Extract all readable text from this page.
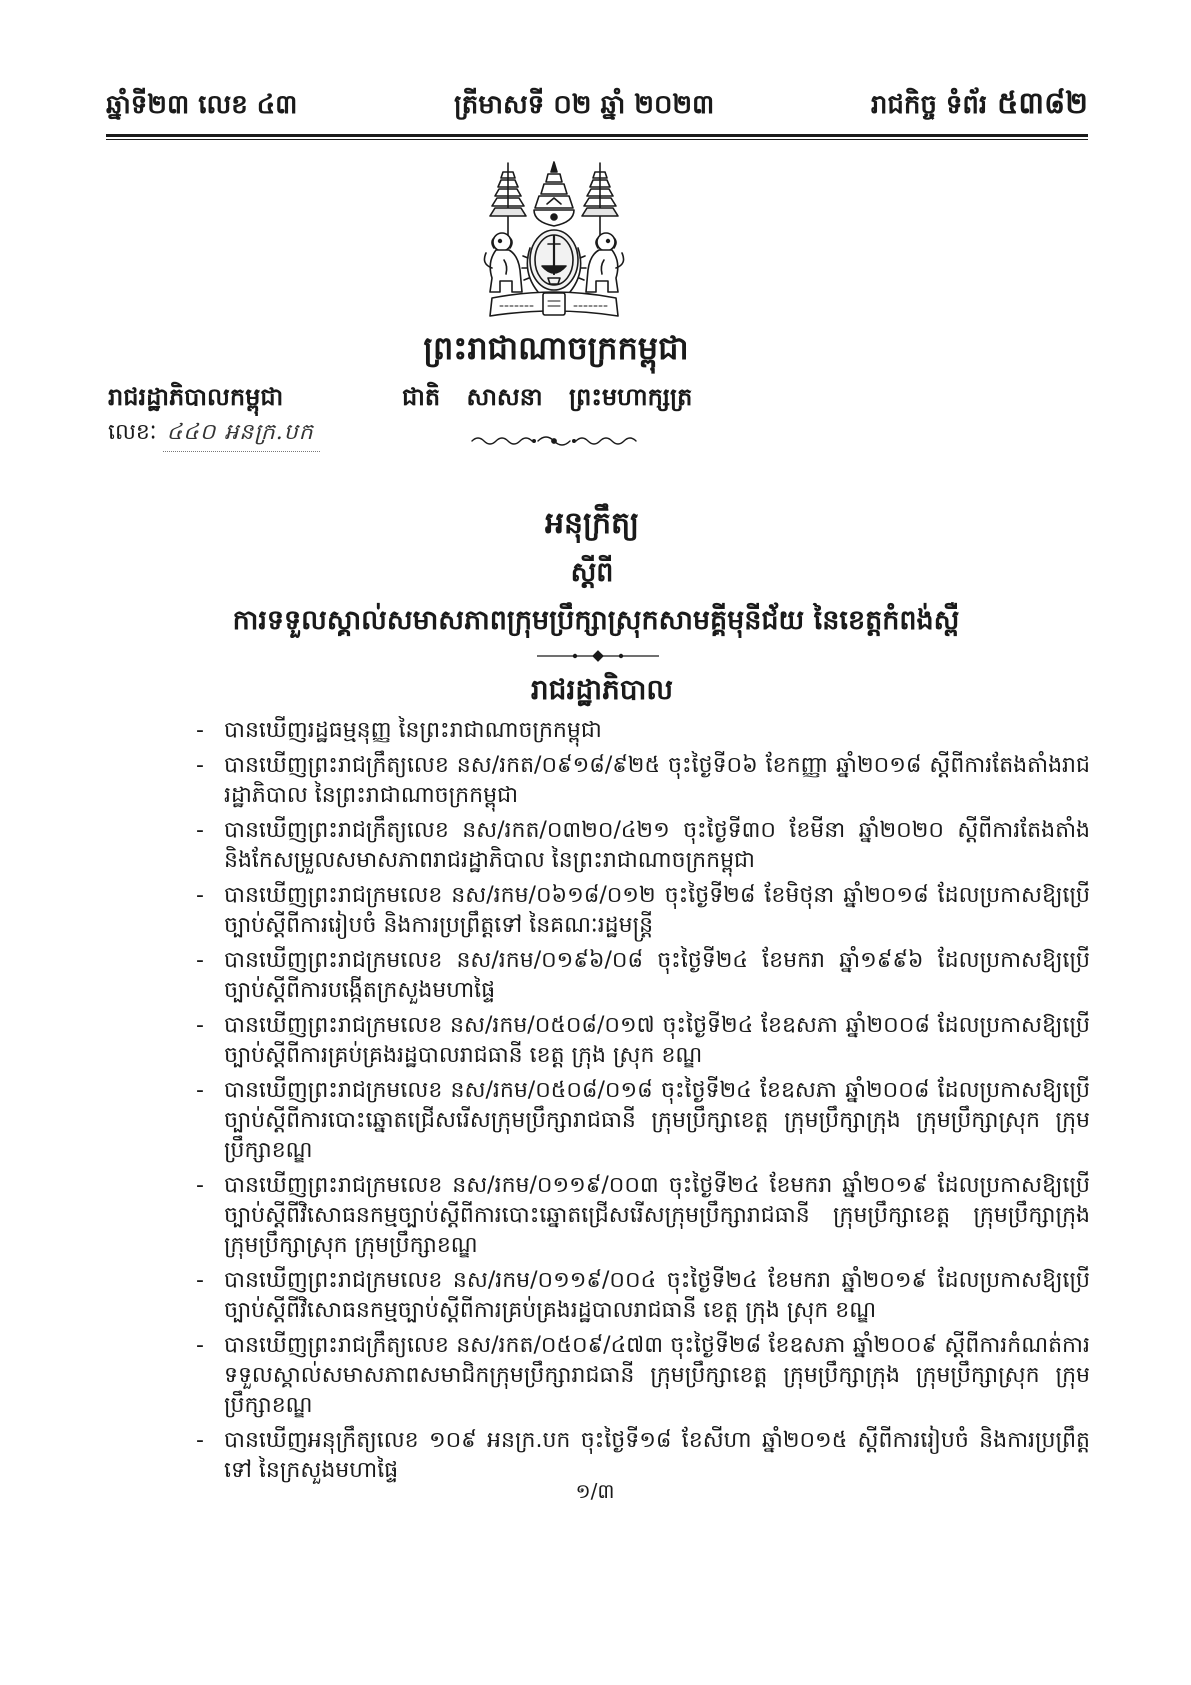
ឆ្នាំទី២៣ លេខ ៤៣	ត្រីមាសទី ០២ ឆ្នាំ ២០២៣	រាជកិច្ច ទំព័រ ៥៣៨២
ព្រះរាជាណាចក្រកម្ពុជា
រាជរដ្ឋាភិបាលកម្ពុជា	ជាតិ សាសនា ព្រះមហាក្សត្រ
លេខៈ ៤៤០ អនក្រ.បក
អនុក្រឹត្យ
ស្តីពី
ការទទួលស្គាល់សមាសភាពក្រុមប្រឹក្សាស្រុកសាមគ្គីមុនីជ័យ នៃខេត្តកំពង់ស្ពឺ
រាជរដ្ឋាភិបាល
- បានឃើញរដ្ឋធម្មនុញ្ញ នៃព្រះរាជាណាចក្រកម្ពុជា
- បានឃើញព្រះរាជក្រឹត្យលេខ នស/រកត/០៩១៨/៩២៥ ចុះថ្ងៃទី០៦ ខែកញ្ញា ឆ្នាំ២០១៨ ស្តីពីការតែងតាំងរាជរដ្ឋាភិបាល នៃព្រះរាជាណាចក្រកម្ពុជា
- បានឃើញព្រះរាជក្រឹត្យលេខ នស/រកត/០៣២០/៤២១ ចុះថ្ងៃទី៣០ ខែមីនា ឆ្នាំ២០២០ ស្តីពីការតែងតាំង និងកែសម្រួលសមាសភាពរាជរដ្ឋាភិបាល នៃព្រះរាជាណាចក្រកម្ពុជា
- បានឃើញព្រះរាជក្រមលេខ នស/រកម/០៦១៨/០១២ ចុះថ្ងៃទី២៨ ខែមិថុនា ឆ្នាំ២០១៨ ដែលប្រកាសឱ្យប្រើច្បាប់ស្តីពីការរៀបចំ និងការប្រព្រឹត្តទៅ នៃគណៈរដ្ឋមន្ត្រី
- បានឃើញព្រះរាជក្រមលេខ នស/រកម/០១៩៦/០៨ ចុះថ្ងៃទី២៤ ខែមករា ឆ្នាំ១៩៩៦ ដែលប្រកាសឱ្យប្រើច្បាប់ស្តីពីការបង្កើតក្រសួងមហាផ្ទៃ
- បានឃើញព្រះរាជក្រមលេខ នស/រកម/០៥០៨/០១៧ ចុះថ្ងៃទី២៤ ខែឧសភា ឆ្នាំ២០០៨ ដែលប្រកាសឱ្យប្រើច្បាប់ស្តីពីការគ្រប់គ្រងរដ្ឋបាលរាជធានី ខេត្ត ក្រុង ស្រុក ខណ្ឌ
- បានឃើញព្រះរាជក្រមលេខ នស/រកម/០៥០៨/០១៨ ចុះថ្ងៃទី២៤ ខែឧសភា ឆ្នាំ២០០៨ ដែលប្រកាសឱ្យប្រើច្បាប់ស្តីពីការបោះឆ្នោតជ្រើសរើសក្រុមប្រឹក្សារាជធានី ក្រុមប្រឹក្សាខេត្ត ក្រុមប្រឹក្សាក្រុង ក្រុមប្រឹក្សាស្រុក ក្រុមប្រឹក្សាខណ្ឌ
- បានឃើញព្រះរាជក្រមលេខ នស/រកម/០១១៩/០០៣ ចុះថ្ងៃទី២៤ ខែមករា ឆ្នាំ២០១៩ ដែលប្រកាសឱ្យប្រើច្បាប់ស្តីពីវិសោធនកម្មច្បាប់ស្តីពីការបោះឆ្នោតជ្រើសរើសក្រុមប្រឹក្សារាជធានី ក្រុមប្រឹក្សាខេត្ត ក្រុមប្រឹក្សាក្រុង ក្រុមប្រឹក្សាស្រុក ក្រុមប្រឹក្សាខណ្ឌ
- បានឃើញព្រះរាជក្រមលេខ នស/រកម/០១១៩/០០៤ ចុះថ្ងៃទី២៤ ខែមករា ឆ្នាំ២០១៩ ដែលប្រកាសឱ្យប្រើច្បាប់ស្តីពីវិសោធនកម្មច្បាប់ស្តីពីការគ្រប់គ្រងរដ្ឋបាលរាជធានី ខេត្ត ក្រុង ស្រុក ខណ្ឌ
- បានឃើញព្រះរាជក្រឹត្យលេខ នស/រកត/០៥០៩/៤៧៣ ចុះថ្ងៃទី២៨ ខែឧសភា ឆ្នាំ២០០៩ ស្តីពីការកំណត់ការទទួលស្គាល់សមាសភាពសមាជិកក្រុមប្រឹក្សារាជធានី ក្រុមប្រឹក្សាខេត្ត ក្រុមប្រឹក្សាក្រុង ក្រុមប្រឹក្សាស្រុក ក្រុមប្រឹក្សាខណ្ឌ
- បានឃើញអនុក្រឹត្យលេខ ១០៩ អនក្រ.បក ចុះថ្ងៃទី១៨ ខែសីហា ឆ្នាំ២០១៥ ស្តីពីការរៀបចំ និងការប្រព្រឹត្តទៅ នៃក្រសួងមហាផ្ទៃ
១/៣
